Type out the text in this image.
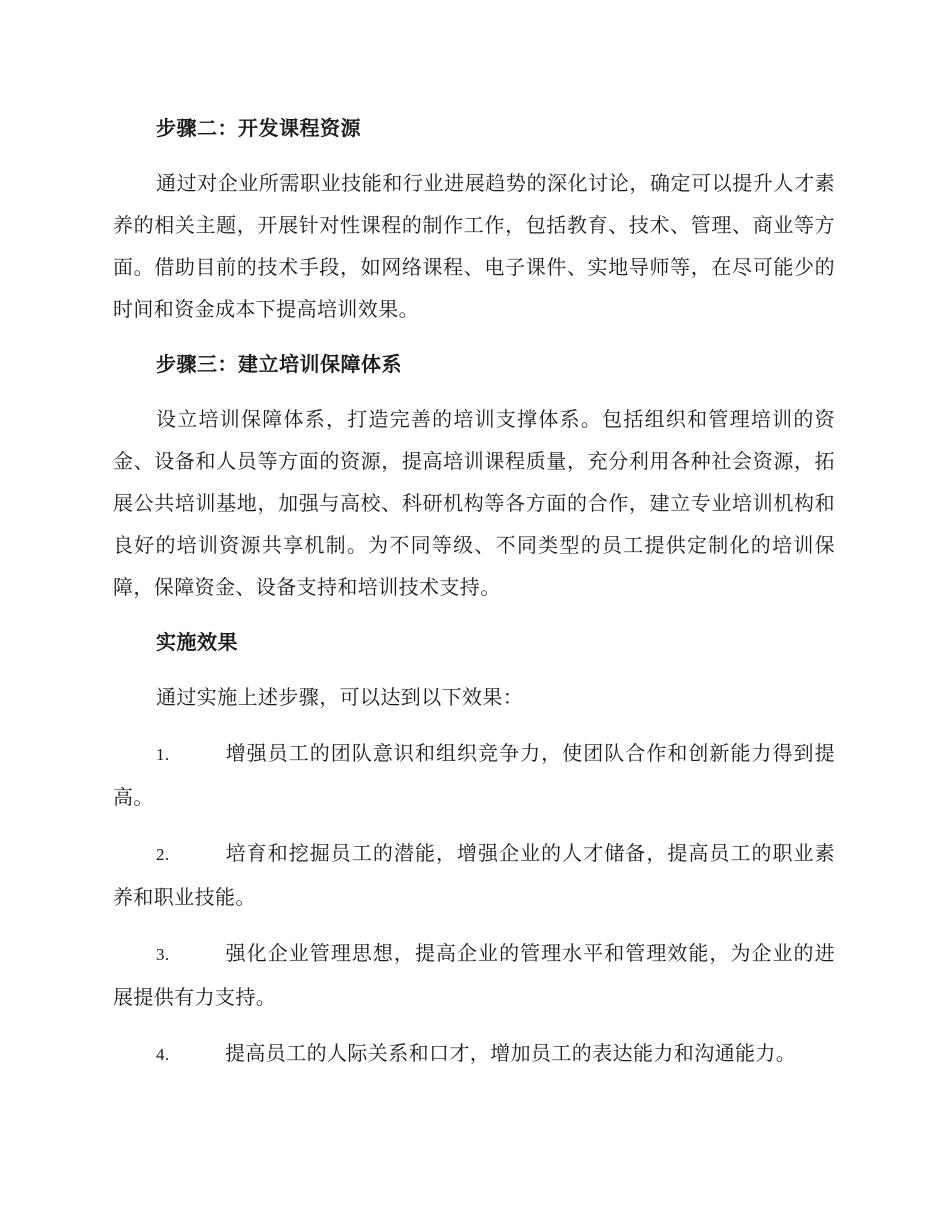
步骤二：开发课程资源
通过对企业所需职业技能和行业进展趋势的深化讨论，确定可以提升人才素养的相关主题，开展针对性课程的制作工作，包括教育、技术、管理、商业等方面。借助目前的技术手段，如网络课程、电子课件、实地导师等，在尽可能少的时间和资金成本下提高培训效果。
步骤三：建立培训保障体系
设立培训保障体系，打造完善的培训支撑体系。包括组织和管理培训的资金、设备和人员等方面的资源，提高培训课程质量，充分利用各种社会资源，拓展公共培训基地，加强与高校、科研机构等各方面的合作，建立专业培训机构和良好的培训资源共享机制。为不同等级、不同类型的员工提供定制化的培训保障，保障资金、设备支持和培训技术支持。
实施效果
通过实施上述步骤，可以达到以下效果：
1.	增强员工的团队意识和组织竞争力，使团队合作和创新能力得到提高。
2.	培育和挖掘员工的潜能，增强企业的人才储备，提高员工的职业素养和职业技能。
3.	强化企业管理思想，提高企业的管理水平和管理效能，为企业的进展提供有力支持。
4.	提高员工的人际关系和口才，增加员工的表达能力和沟通能力。
